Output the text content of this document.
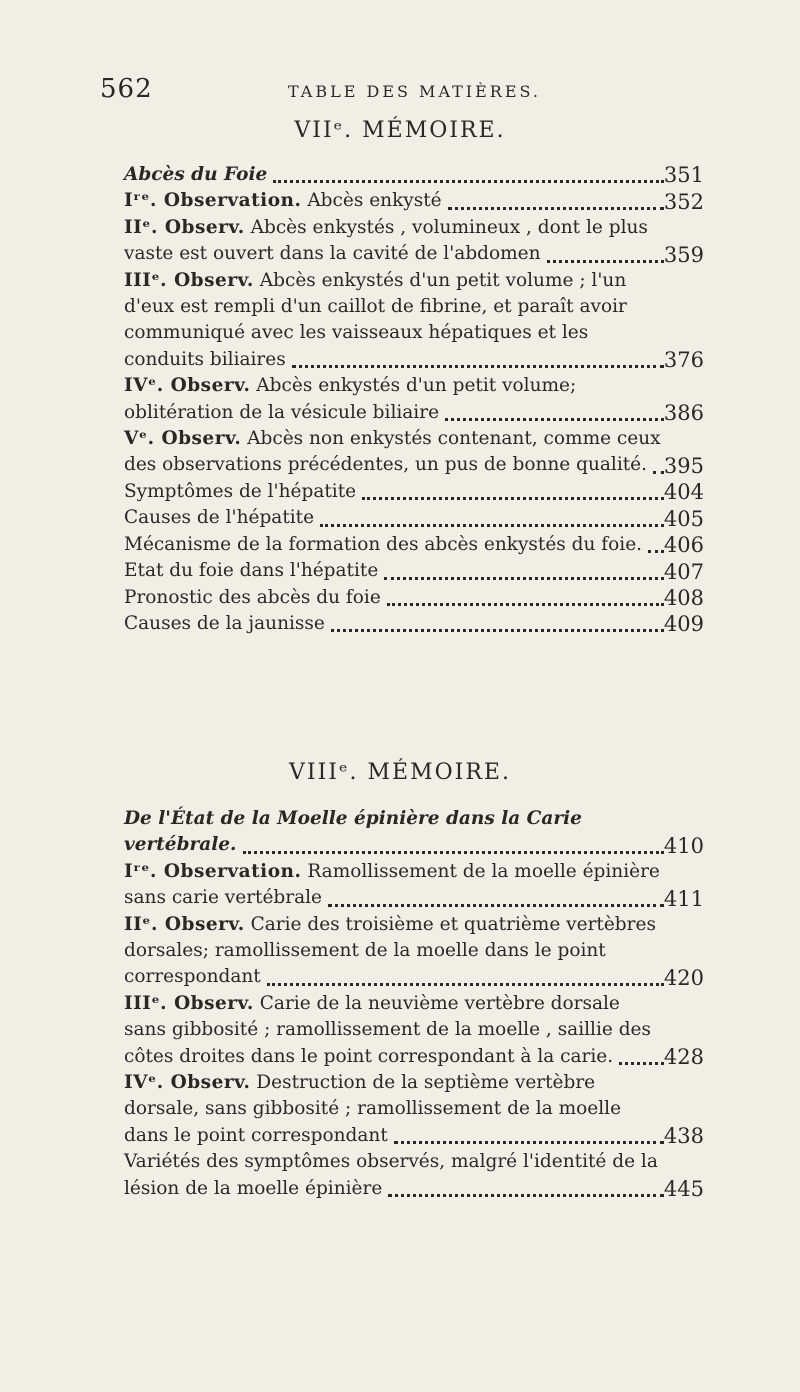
562	TABLE DES MATIÈRES.
VIIᵉ. MÉMOIRE.
Abcès du Foie	351
Iʳᵉ. Observation. Abcès enkysté	352
IIᵉ. Observ. Abcès enkystés , volumineux , dont le plus vaste est ouvert dans la cavité de l'abdomen	359
IIIᵉ. Observ. Abcès enkystés d'un petit volume ; l'un d'eux est rempli d'un caillot de fibrine, et paraît avoir communiqué avec les vaisseaux hépatiques et les conduits biliaires	376
IVᵉ. Observ. Abcès enkystés d'un petit volume; oblitération de la vésicule biliaire	386
Vᵉ. Observ. Abcès non enkystés contenant, comme ceux des observations précédentes, un pus de bonne qualité. 395
Symptômes de l'hépatite	404
Causes de l'hépatite	405
Mécanisme de la formation des abcès enkystés du foie.	406
Etat du foie dans l'hépatite	407
Pronostic des abcès du foie	408
Causes de la jaunisse	409
VIIIᵉ. MÉMOIRE.
De l'État de la Moelle épinière dans la Carie vertébrale.	410
Iʳᵉ. Observation. Ramollissement de la moelle épinière sans carie vertébrale	411
IIᵉ. Observ. Carie des troisième et quatrième vertèbres dorsales; ramollissement de la moelle dans le point correspondant	420
IIIᵉ. Observ. Carie de la neuvième vertèbre dorsale sans gibbosité ; ramollissement de la moelle , saillie des côtes droites dans le point correspondant à la carie.	428
IVᵉ. Observ. Destruction de la septième vertèbre dorsale, sans gibbosité ; ramollissement de la moelle dans le point correspondant	438
Variétés des symptômes observés, malgré l'identité de la lésion de la moelle épinière	445
